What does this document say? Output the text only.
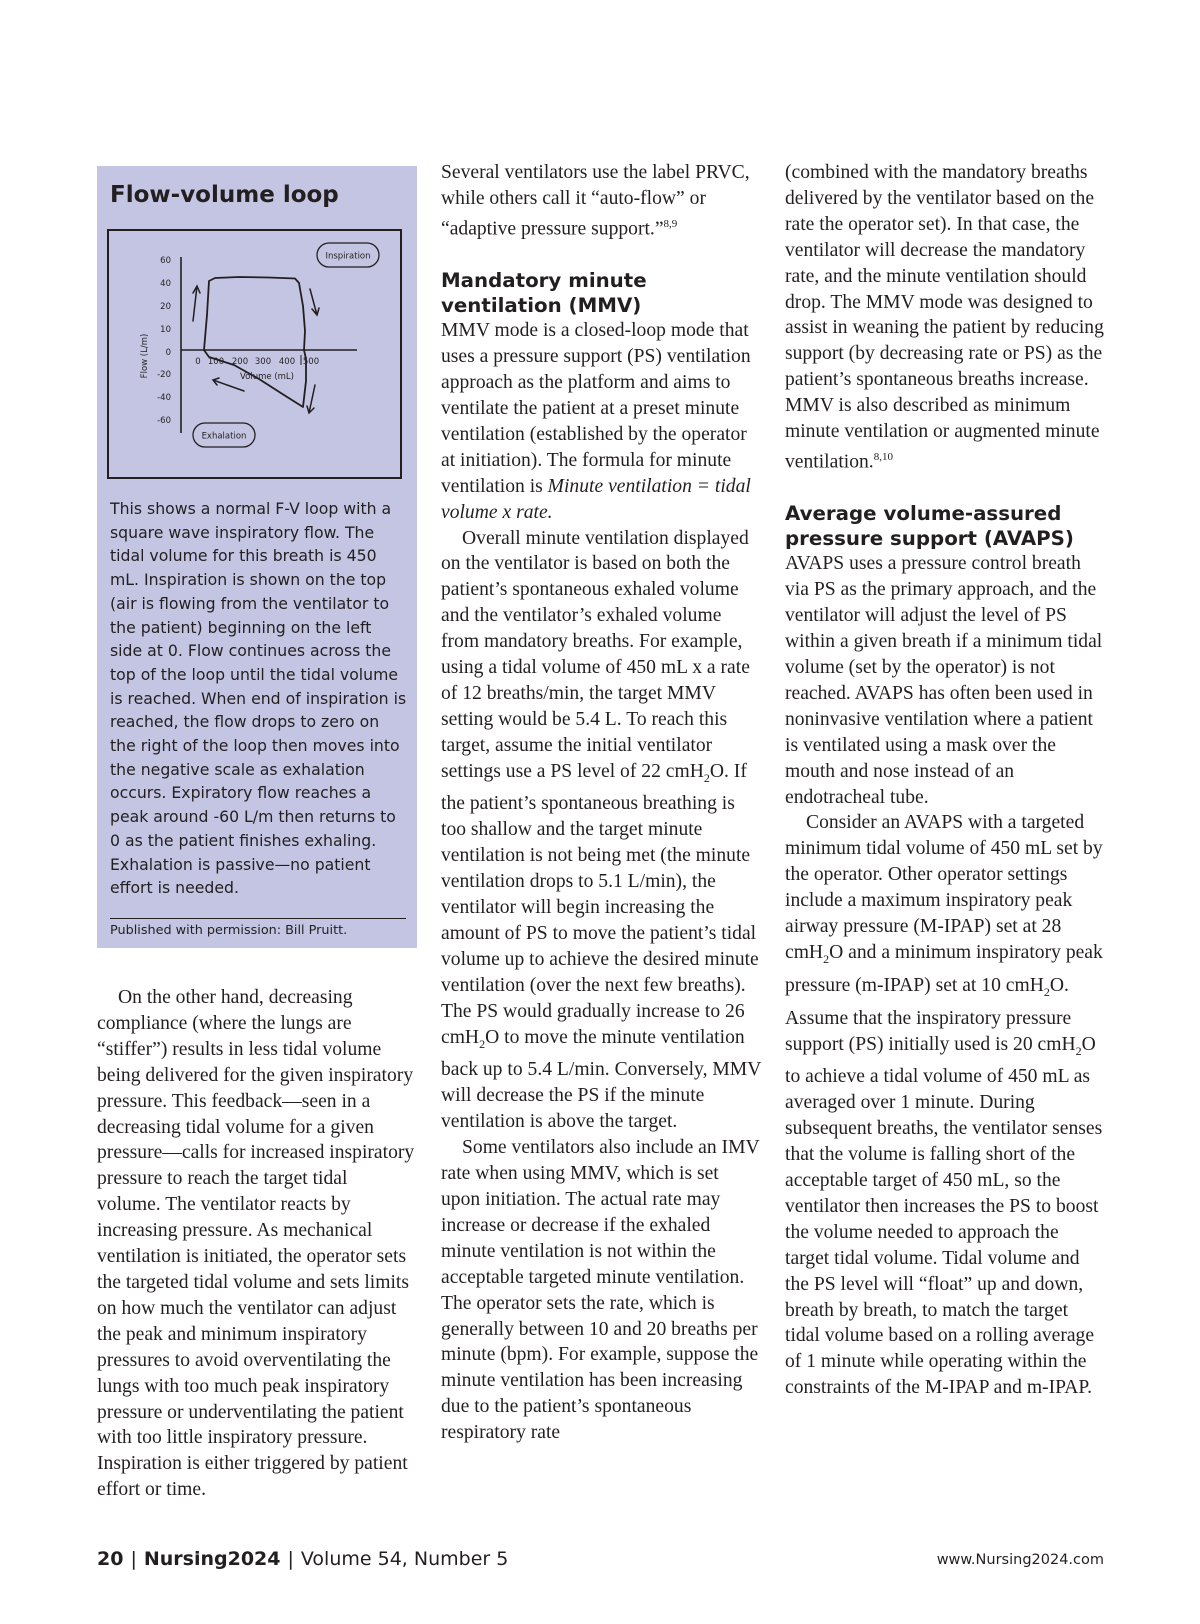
Flow-volume loop
60
40
20
10
0
-20
-40
-60
Flow (L/m)	0 100 200 300 400 500
Volume (mL)
Inspiration
Exhalation
This shows a normal F-V loop with a square wave inspiratory flow. The tidal volume for this breath is 450 mL. Inspiration is shown on the top (air is flowing from the ventilator to the patient) beginning on the left side at 0. Flow continues across the top of the loop until the tidal volume is reached. When end of inspiration is reached, the flow drops to zero on the right of the loop then moves into the negative scale as exhalation occurs. Expiratory flow reaches a peak around -60 L/m then returns to 0 as the patient finishes exhaling. Exhalation is passive—no patient effort is needed.
Published with permission: Bill Pruitt.

On the other hand, decreasing compliance (where the lungs are “stiffer”) results in less tidal volume being delivered for the given inspiratory pressure. This feedback—seen in a decreasing tidal volume for a given pressure—calls for increased inspiratory pressure to reach the target tidal volume. The ventilator reacts by increasing pressure. As mechanical ventilation is initiated, the operator sets the targeted tidal volume and sets limits on how much the ventilator can adjust the peak and minimum inspiratory pressures to avoid overventilating the lungs with too much peak inspiratory pressure or underventilating the patient with too little inspiratory pressure. Inspiration is either triggered by patient effort or time.

Several ventilators use the label PRVC, while others call it “auto-flow” or “adaptive pressure support.”$^{8,9}$

Mandatory minute ventilation (MMV)

MMV mode is a closed-loop mode that uses a pressure support (PS) ventilation approach as the platform and aims to ventilate the patient at a preset minute ventilation (established by the operator at initiation). The formula for minute ventilation is Minute ventilation = tidal volume x rate.

Overall minute ventilation displayed on the ventilator is based on both the patient’s spontaneous exhaled volume and the ventilator’s exhaled volume from mandatory breaths. For example, using a tidal volume of 450 mL x a rate of 12 breaths/min, the target MMV setting would be 5.4 L. To reach this target, assume the initial ventilator settings use a PS level of 22 cmH$_2$O. If the patient’s spontaneous breathing is too shallow and the target minute ventilation is not being met (the minute ventilation drops to 5.1 L/min), the ventilator will begin increasing the amount of PS to move the patient’s tidal volume up to achieve the desired minute ventilation (over the next few breaths). The PS would gradually increase to 26 cmH$_2$O to move the minute ventilation back up to 5.4 L/min. Conversely, MMV will decrease the PS if the minute ventilation is above the target.

Some ventilators also include an IMV rate when using MMV, which is set upon initiation. The actual rate may increase or decrease if the exhaled minute ventilation is not within the acceptable targeted minute ventilation. The operator sets the rate, which is generally between 10 and 20 breaths per minute (bpm). For example, suppose the minute ventilation has been increasing due to the patient’s spontaneous respiratory rate

(combined with the mandatory breaths delivered by the ventilator based on the rate the operator set). In that case, the ventilator will decrease the mandatory rate, and the minute ventilation should drop. The MMV mode was designed to assist in weaning the patient by reducing support (by decreasing rate or PS) as the patient’s spontaneous breaths increase. MMV is also described as minimum minute ventilation or augmented minute ventilation.$^{8,10}$

Average volume-assured pressure support (AVAPS)

AVAPS uses a pressure control breath via PS as the primary approach, and the ventilator will adjust the level of PS within a given breath if a minimum tidal volume (set by the operator) is not reached. AVAPS has often been used in noninvasive ventilation where a patient is ventilated using a mask over the mouth and nose instead of an endotracheal tube.

Consider an AVAPS with a targeted minimum tidal volume of 450 mL set by the operator. Other operator settings include a maximum inspiratory peak airway pressure (M-IPAP) set at 28 cmH$_2$O and a minimum inspiratory peak pressure (m-IPAP) set at 10 cmH$_2$O. Assume that the inspiratory pressure support (PS) initially used is 20 cmH$_2$O to achieve a tidal volume of 450 mL as averaged over 1 minute. During subsequent breaths, the ventilator senses that the volume is falling short of the acceptable target of 450 mL, so the ventilator then increases the PS to boost the volume needed to approach the target tidal volume. Tidal volume and the PS level will “float” up and down, breath by breath, to match the target tidal volume based on a rolling average of 1 minute while operating within the constraints of the M-IPAP and m-IPAP.

20 | Nursing2024 | Volume 54, Number 5	www.Nursing2024.com
